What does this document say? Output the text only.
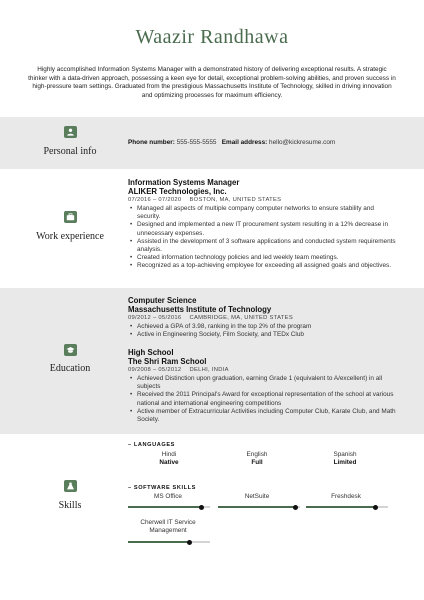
Waazir Randhawa
Highly accomplished Information Systems Manager with a demonstrated history of delivering exceptional results. A strategic thinker with a data-driven approach, possessing a keen eye for detail, exceptional problem-solving abilities, and proven success in high-pressure team settings. Graduated from the prestigious Massachusetts Institute of Technology, skilled in driving innovation and optimizing processes for maximum efficiency.
Personal info
Phone number: 555-555-5555 Email address: hello@kickresume.com
Work experience
Information Systems Manager
ALIKER Technologies, Inc.
07/2016 – 07/2020 BOSTON, MA, UNITED STATES
• Managed all aspects of multiple company computer networks to ensure stability and security.
• Designed and implemented a new IT procurement system resulting in a 12% decrease in unnecessary expenses.
• Assisted in the development of 3 software applications and conducted system requirements analysis.
• Created information technology policies and led weekly team meetings.
• Recognized as a top-achieving employee for exceeding all assigned goals and objectives.
Education
Computer Science
Massachusetts Institute of Technology
09/2012 – 05/2016 CAMBRIDGE, MA, UNITED STATES
• Achieved a GPA of 3.98, ranking in the top 2% of the program
• Active in Engineering Society, Film Society, and TEDx Club
High School
The Shri Ram School
09/2008 – 05/2012 DELHI, INDIA
• Achieved Distinction upon graduation, earning Grade 1 (equivalent to A/excellent) in all subjects
• Received the 2011 Principal's Award for exceptional representation of the school at various national and international engineering competitions
• Active member of Extracurricular Activities including Computer Club, Karate Club, and Math Society.
Skills
– LANGUAGES
Hindi
Native
English
Full
Spanish
Limited
– SOFTWARE SKILLS
MS Office	NetSuite	Freshdesk
Cherwell IT Service Management
